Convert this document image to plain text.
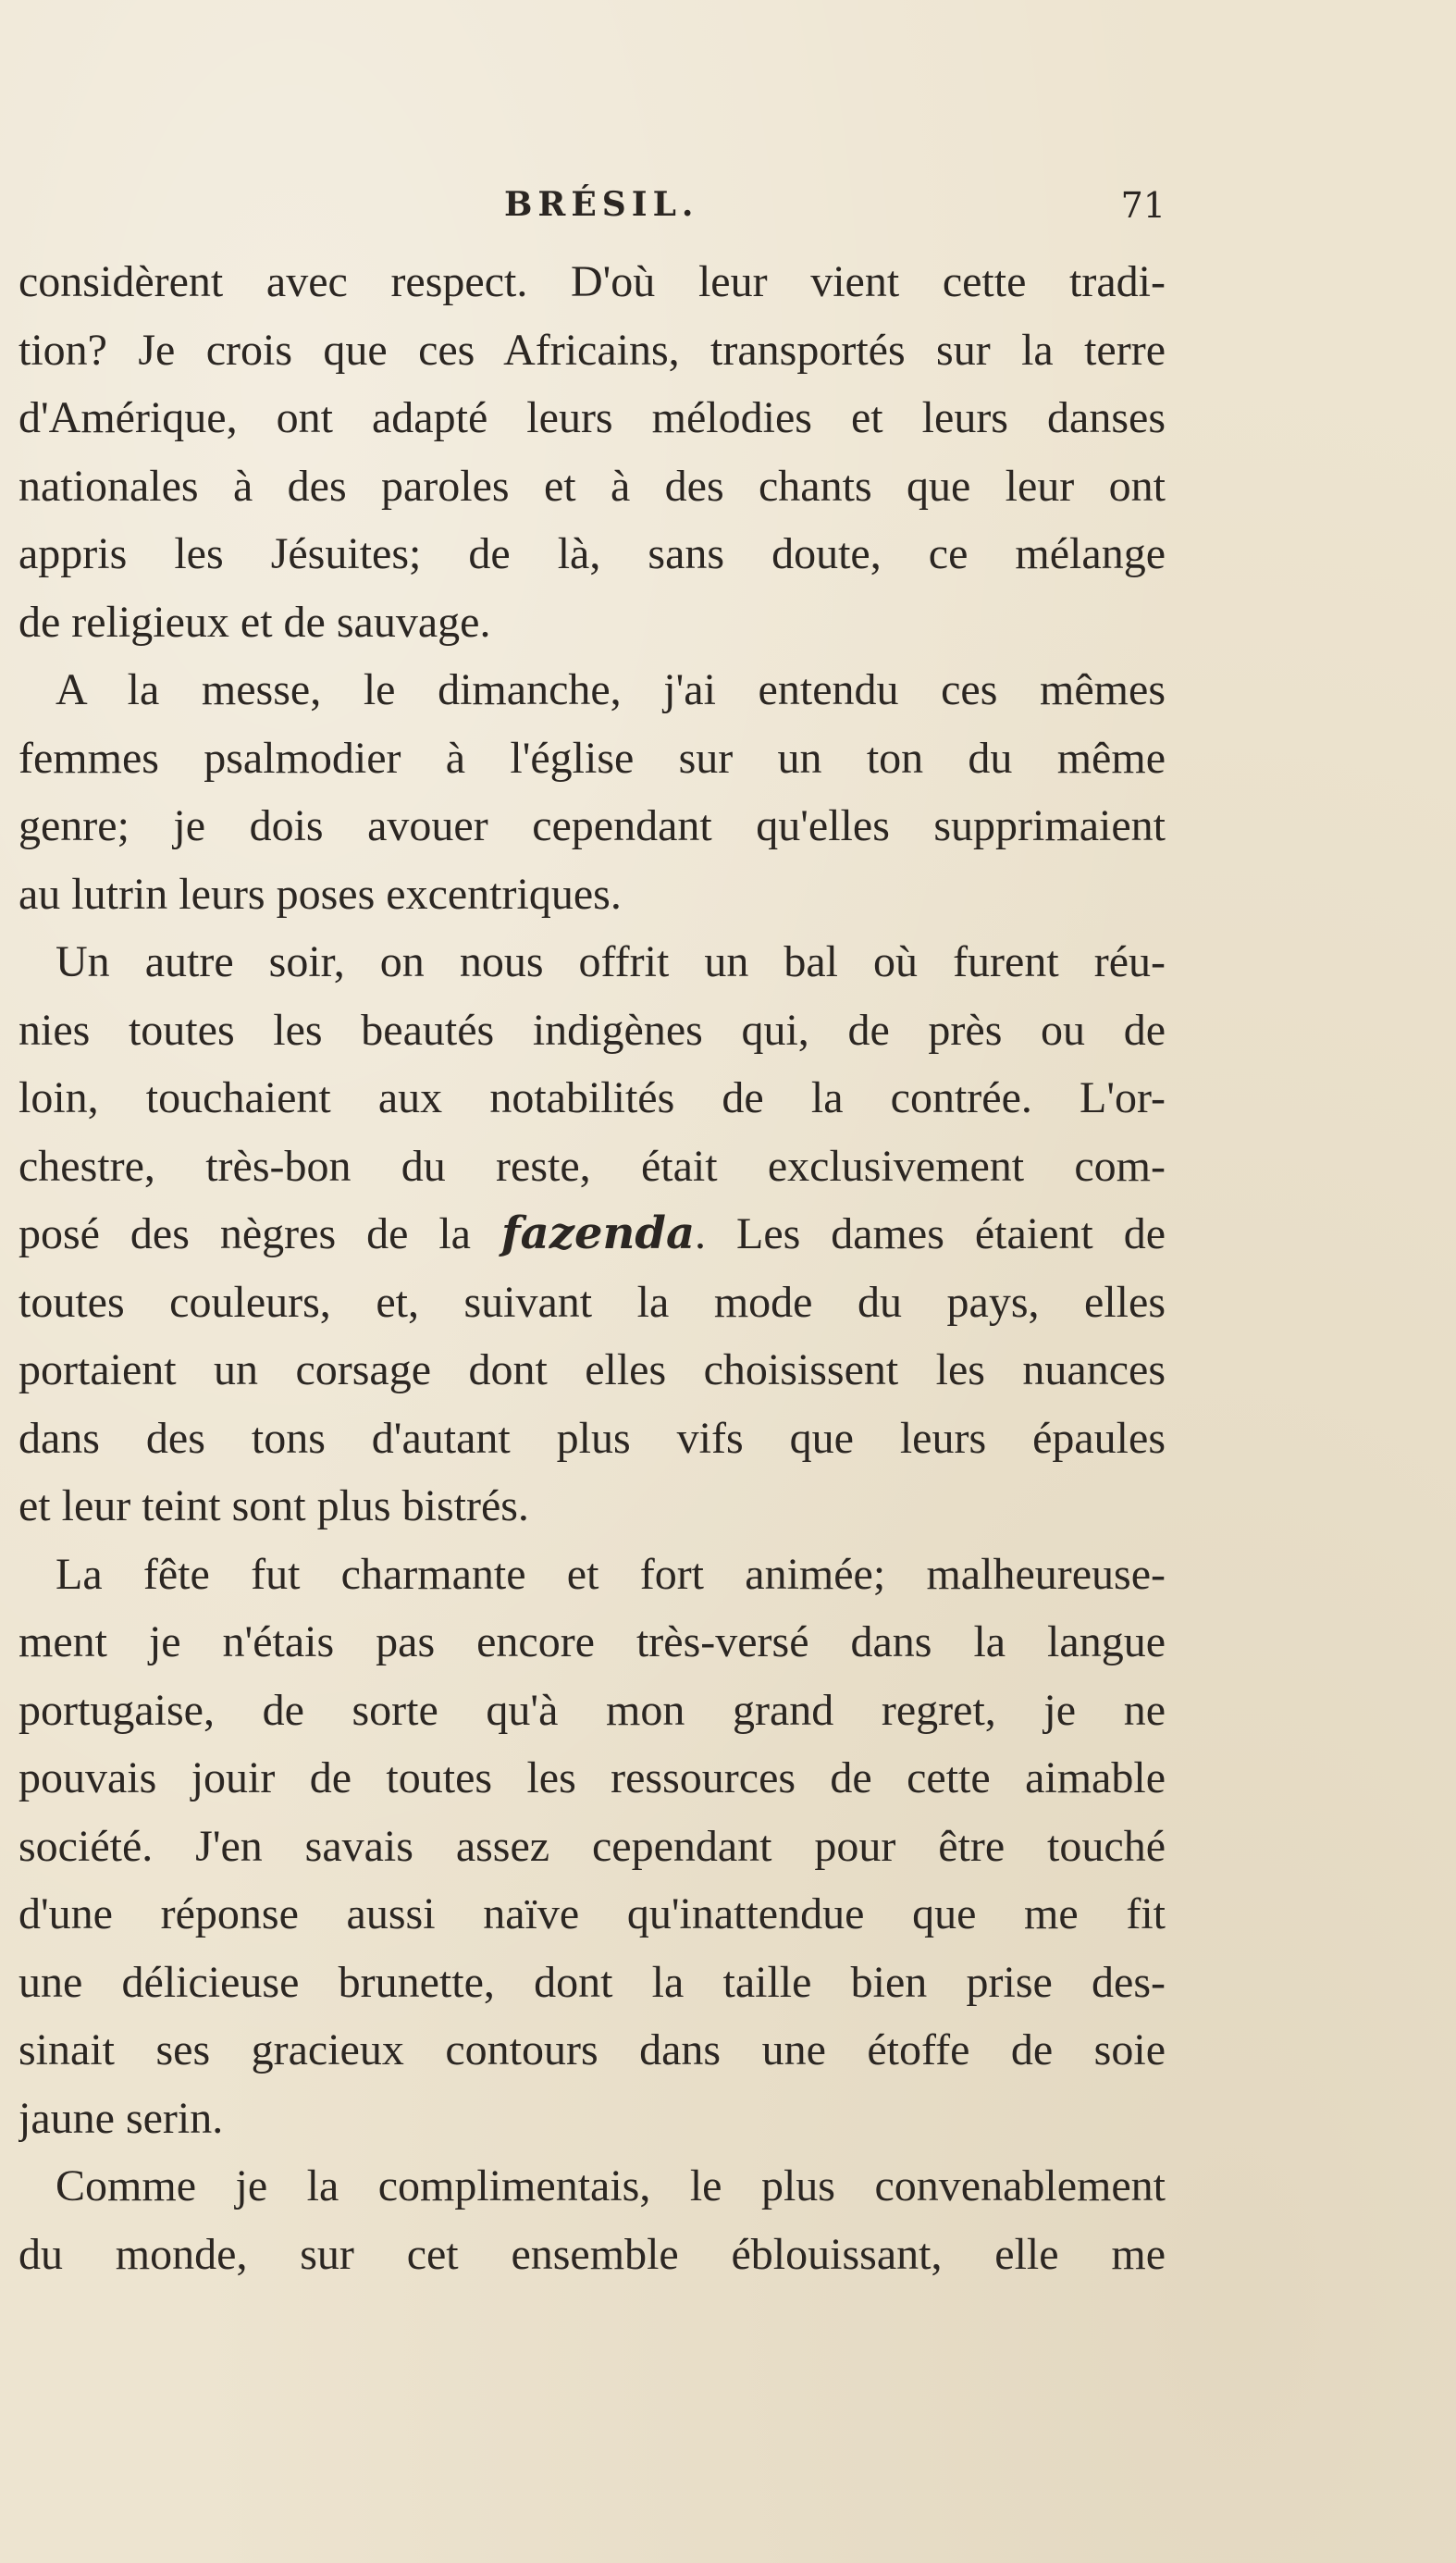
BRÉSIL.	71
considèrent avec respect. D'où leur vient cette tradi-
tion? Je crois que ces Africains, transportés sur la terre
d'Amérique, ont adapté leurs mélodies et leurs danses
nationales à des paroles et à des chants que leur ont
appris les Jésuites; de là, sans doute, ce mélange
de religieux et de sauvage.
A la messe, le dimanche, j'ai entendu ces mêmes
femmes psalmodier à l'église sur un ton du même
genre; je dois avouer cependant qu'elles supprimaient
au lutrin leurs poses excentriques.
Un autre soir, on nous offrit un bal où furent réu-
nies toutes les beautés indigènes qui, de près ou de
loin, touchaient aux notabilités de la contrée. L'or-
chestre, très-bon du reste, était exclusivement com-
posé des nègres de la fazenda. Les dames étaient de
toutes couleurs, et, suivant la mode du pays, elles
portaient un corsage dont elles choisissent les nuances
dans des tons d'autant plus vifs que leurs épaules
et leur teint sont plus bistrés.
La fête fut charmante et fort animée; malheureuse-
ment je n'étais pas encore très-versé dans la langue
portugaise, de sorte qu'à mon grand regret, je ne
pouvais jouir de toutes les ressources de cette aimable
société. J'en savais assez cependant pour être touché
d'une réponse aussi naïve qu'inattendue que me fit
une délicieuse brunette, dont la taille bien prise des-
sinait ses gracieux contours dans une étoffe de soie
jaune serin.
Comme je la complimentais, le plus convenablement
du monde, sur cet ensemble éblouissant, elle me
